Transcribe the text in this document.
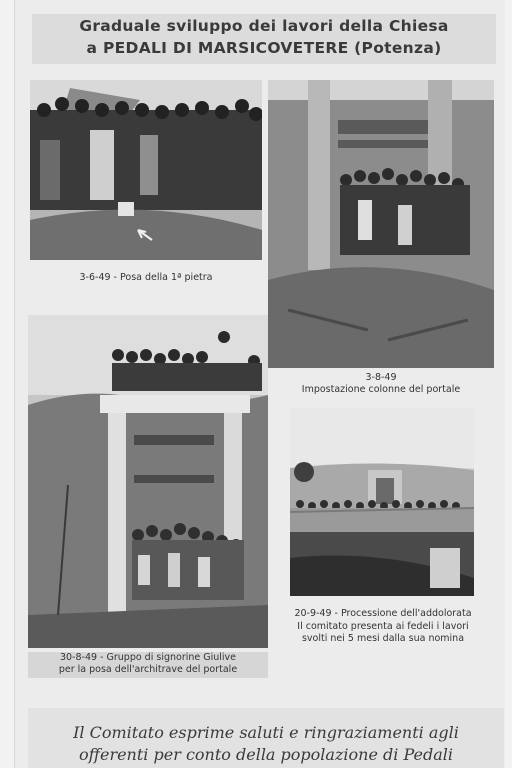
Graduale sviluppo dei lavori della Chiesa
a PEDALI DI MARSICOVETERE (Potenza)
3-6-49 - Posa della 1ª pietra
3-8-49
Impostazione colonne del portale
30-8-49 - Gruppo di signorine Giulive
per la posa dell'architrave del portale
20-9-49 - Processione dell'addolorata
Il comitato presenta ai fedeli i lavori
svolti nei 5 mesi dalla sua nomina
Il Comitato esprime saluti e ringraziamenti agli
offerenti per conto della popolazione di Pedali
